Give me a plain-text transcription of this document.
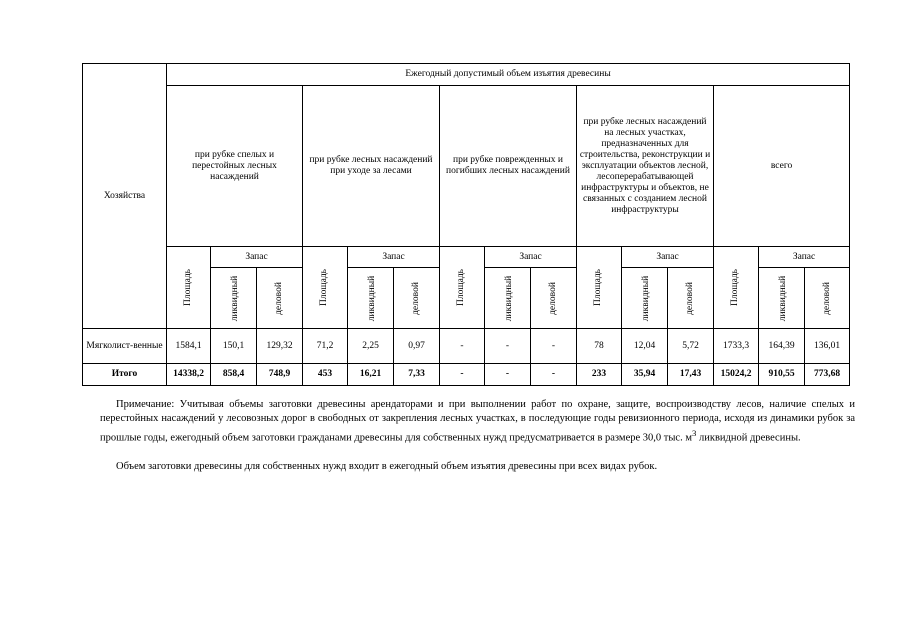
Хозяйства	Ежегодный допустимый объем изъятия древесины														
	при рубке спелых и перестойных лесных насаждений			при рубке лесных насаждений при уходе за лесами			при рубке поврежденных и погибших лесных насаждений			при рубке лесных насаждений на лесных участках, предназначенных для строительства, реконструкции и эксплуатации объектов лесной, лесоперерабатывающей инфраструктуры и объектов, не связанных с созданием лесной инфраструктуры			всего		
	Площадь	Запас		Площадь	Запас		Площадь	Запас		Площадь	Запас		Площадь	Запас	
		ликвидный	деловой		ликвидный	деловой		ликвидный	деловой		ликвидный	деловой		ликвидный	деловой
Мягколист-венные	1584,1	150,1	129,32	71,2	2,25	0,97	-	-	-	78	12,04	5,72	1733,3	164,39	136,01
Итого	14338,2	858,4	748,9	453	16,21	7,33	-	-	-	233	35,94	17,43	15024,2	910,55	773,68
Примечание: Учитывая объемы заготовки древесины арендаторами и при выполнении работ по охране, защите, воспроизводству лесов, наличие спелых и перестойных насаждений у лесовозных дорог в свободных от закрепления лесных участках, в последующие годы ревизионного периода, исходя из динамики рубок за прошлые годы, ежегодный объем заготовки гражданами древесины для собственных нужд предусматривается в размере 30,0 тыс. $м^3$ ликвидной древесины.
Объем заготовки древесины для собственных нужд входит в ежегодный объем изъятия древесины при всех видах рубок.
